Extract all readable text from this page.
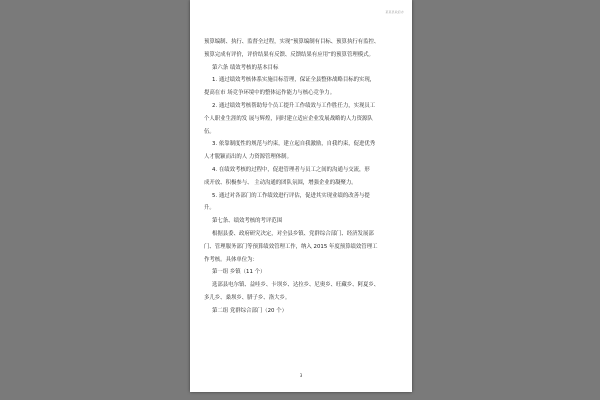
某某县政府办

预算编制、执行、监督全过程，实现“预算编制有目标、预算执行有监控、

预算完成有评价，评价结果有反馈、反馈结果有应用”的预算管理模式。

第六条 绩效考核的基本目标

1. 通过绩效考核体系实施目标管理，保证全县整体战略目标的实现，

提高在市 场竞争环境中的整体运作能力与核心竞争力。

2. 通过绩效考核帮助每个员工提升工作绩效与工作胜任力，实现员工

个人职业生涯的发 展与辉煌，同时建立适应企业发展战略的人力资源队

伍。

3. 依靠制度性的规范与约束，建立起自我激励，自我约束，促进优秀

人才脱颖而出的人 力资源管理体制。

4. 在绩效考核的过程中，促进管理者与员工之间的沟通与交流，形

成开放、积极参与、 主动沟通的团队氛围，增强企业的凝聚力。

5. 通过对各部门的工作绩效进行评估，促进其实现业绩的改善与提

升。

第七条、绩效考核的考评范围

根据县委、政府研究决定，对全县乡镇、党群综合部门、经济发展部

门、管理服务部门等预算绩效管理工作，纳入 2015 年度预算绩效管理工

作考核。具体单位为：

第一组 乡镇（11 个）

选部县电尔镇、益哇乡、卡坝乡、达拉乡、尼奥乡、旺藏乡、阿夏乡、

多儿乡、桑坝乡、腊子乡、洛大乡。

第二组 党群综合部门（20 个）

3
